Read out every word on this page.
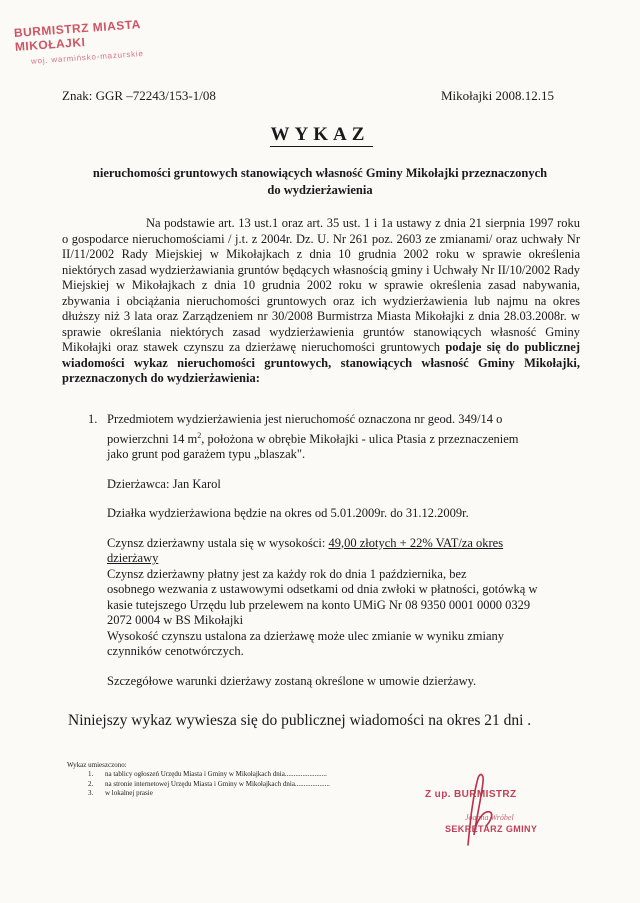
BURMISTRZ MIASTA MIKOŁAJKI
woj. warmińsko-mazurskie
Znak: GGR –72243/153-1/08	Mikołajki 2008.12.15
WYKAZ
nieruchomości gruntowych stanowiących własność Gminy Mikołajki przeznaczonych
do wydzierżawienia
Na podstawie art. 13 ust.1 oraz art. 35 ust. 1 i 1a ustawy z dnia 21 sierpnia 1997 roku o gospodarce nieruchomościami / j.t. z 2004r. Dz. U. Nr 261 poz. 2603 ze zmianami/ oraz uchwały Nr II/11/2002 Rady Miejskiej w Mikołajkach z dnia 10 grudnia 2002 roku w sprawie określenia niektórych zasad wydzierżawiania gruntów będących własnością gminy i Uchwały Nr II/10/2002 Rady Miejskiej w Mikołajkach z dnia 10 grudnia 2002 roku w sprawie określenia zasad nabywania, zbywania i obciążania nieruchomości gruntowych oraz ich wydzierżawienia lub najmu na okres dłuższy niż 3 lata oraz Zarządzeniem nr 30/2008 Burmistrza Miasta Mikołajki z dnia 28.03.2008r. w sprawie określania niektórych zasad wydzierżawienia gruntów stanowiących własność Gminy Mikołajki oraz stawek czynszu za dzierżawę nieruchomości gruntowych podaje się do publicznej wiadomości wykaz nieruchomości gruntowych, stanowiących własność Gminy Mikołajki, przeznaczonych do wydzierżawienia:
1. Przedmiotem wydzierżawienia jest nieruchomość oznaczona nr geod. 349/14 o

powierzchni 14 $m^2$, położona w obrębie Mikołajki - ulica Ptasia z przeznaczeniem

jako grunt pod garażem typu „blaszak".

Dzierżawca: Jan Karol

Działka wydzierżawiona będzie na okres od 5.01.2009r. do 31.12.2009r.

Czynsz dzierżawny ustala się w wysokości: 49,00 złotych + 22% VAT/za okres

dzierżawy

Czynsz dzierżawny płatny jest za każdy rok do dnia 1 października, bez

osobnego wezwania z ustawowymi odsetkami od dnia zwłoki w płatności, gotówką w

kasie tutejszego Urzędu lub przelewem na konto UMiG Nr 08 9350 0001 0000 0329

2072 0004 w BS Mikołajki

Wysokość czynszu ustalona za dzierżawę może ulec zmianie w wyniku zmiany

czynników cenotwórczych.

Szczegółowe warunki dzierżawy zostaną określone w umowie dzierżawy.

Niniejszy wykaz wywiesza się do publicznej wiadomości na okres 21 dni .
Wykaz umieszczono:
1. na tablicy ogłoszeń Urzędu Miasta i Gminy w Mikołajkach dnia........................
2. na stronie internetowej Urzędu Miasta i Gminy w Mikołajkach dnia....................
3. w lokalnej prasie	Z up. BURMISTRZ
Joanna Wróbel
SEKRETARZ GMINY
